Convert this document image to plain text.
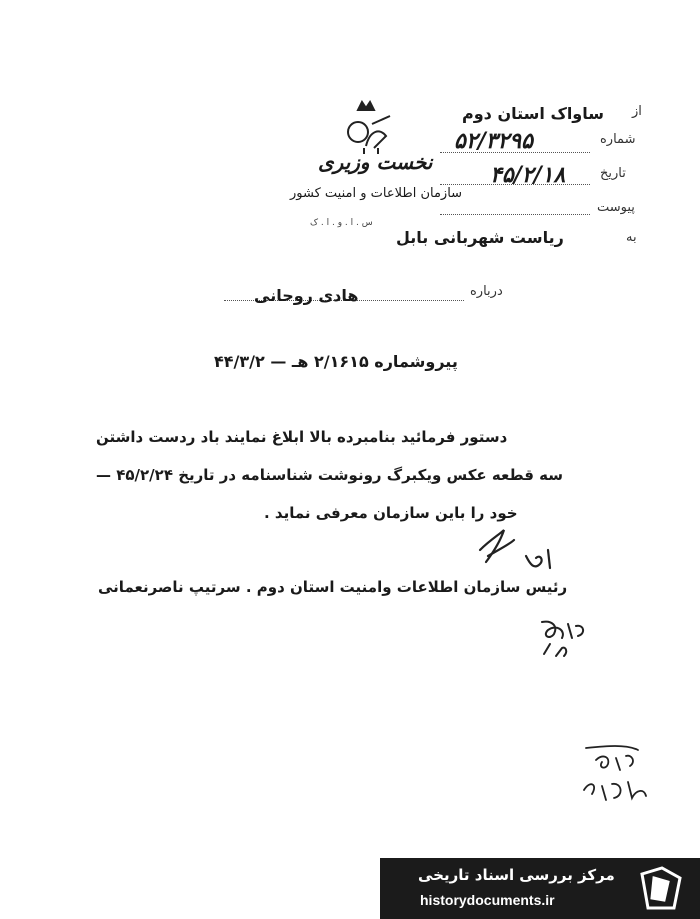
نخست وزیری
سازمان اطلاعات و امنیت کشور
س . ا . و . ا . ک
از
ساواک استان دوم
شماره
۵۲/۳۲۹۵
تاریخ
۴۵/۲/۱۸
پیوست
به
ریاست شهربانی بابل
درباره
هادی روحانی
پیروشماره ۲/۱۶۱۵ هـ — ۴۴/۳/۲
دستور فرمائید بنامبرده بالا ابلاغ نمایند باد ردست داشتن
سه قطعه عکس ویکبرگ رونوشت شناسنامه در تاریخ ۴۵/۲/۲۴ —
خود را باین سازمان معرفی نماید .
رئیس سازمان اطلاعات وامنیت استان دوم . سرتیپ ناصرنعمانی
مرکز بررسی اسناد تاریخی
historydocuments.ir
